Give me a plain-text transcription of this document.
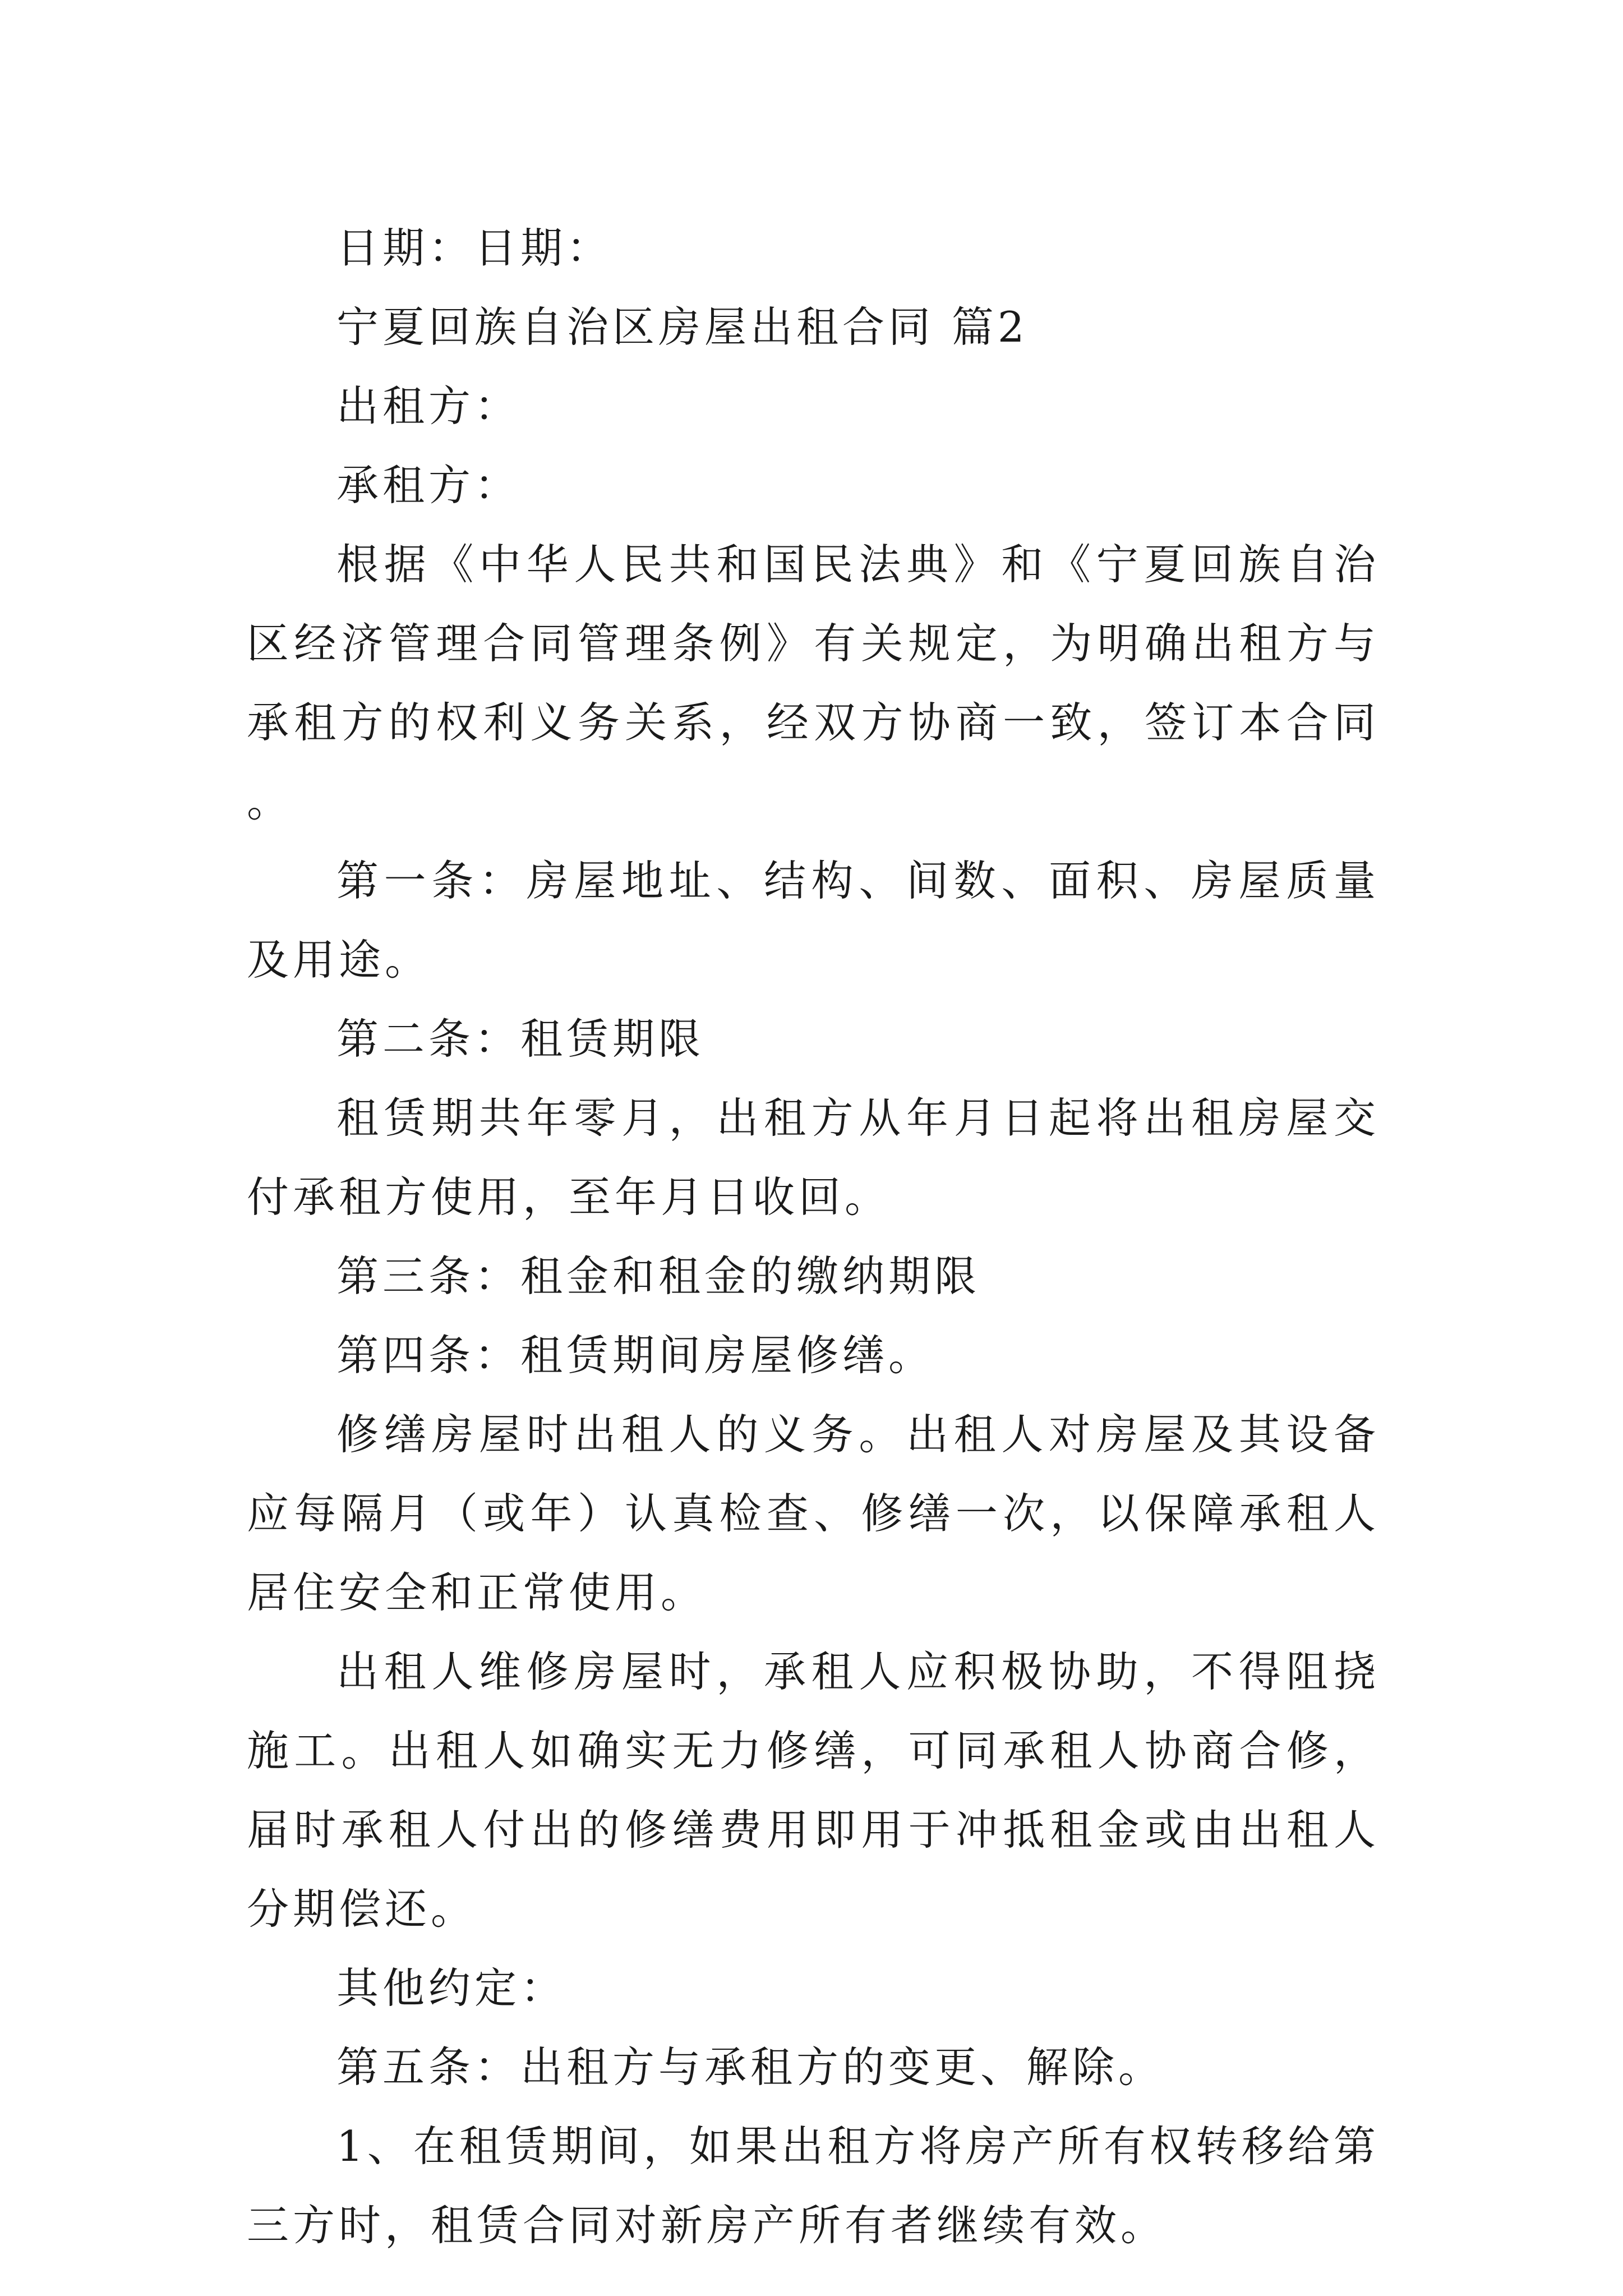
日期：日期：

宁夏回族自治区房屋出租合同 篇2

出租方：

承租方：

根据《中华人民共和国民法典》和《宁夏回族自治区经济管理合同管理条例》有关规定，为明确出租方与承租方的权利义务关系，经双方协商一致，签订本合同。

第一条：房屋地址、结构、间数、面积、房屋质量及用途。

第二条：租赁期限

租赁期共年零月，出租方从年月日起将出租房屋交付承租方使用，至年月日收回。

第三条：租金和租金的缴纳期限

第四条：租赁期间房屋修缮。

修缮房屋时出租人的义务。出租人对房屋及其设备应每隔月（或年）认真检查、修缮一次，以保障承租人居住安全和正常使用。

出租人维修房屋时，承租人应积极协助，不得阻挠施工。出租人如确实无力修缮，可同承租人协商合修，届时承租人付出的修缮费用即用于冲抵租金或由出租人分期偿还。

其他约定：

第五条：出租方与承租方的变更、解除。

1、在租赁期间，如果出租方将房产所有权转移给第三方时，租赁合同对新房产所有者继续有效。
